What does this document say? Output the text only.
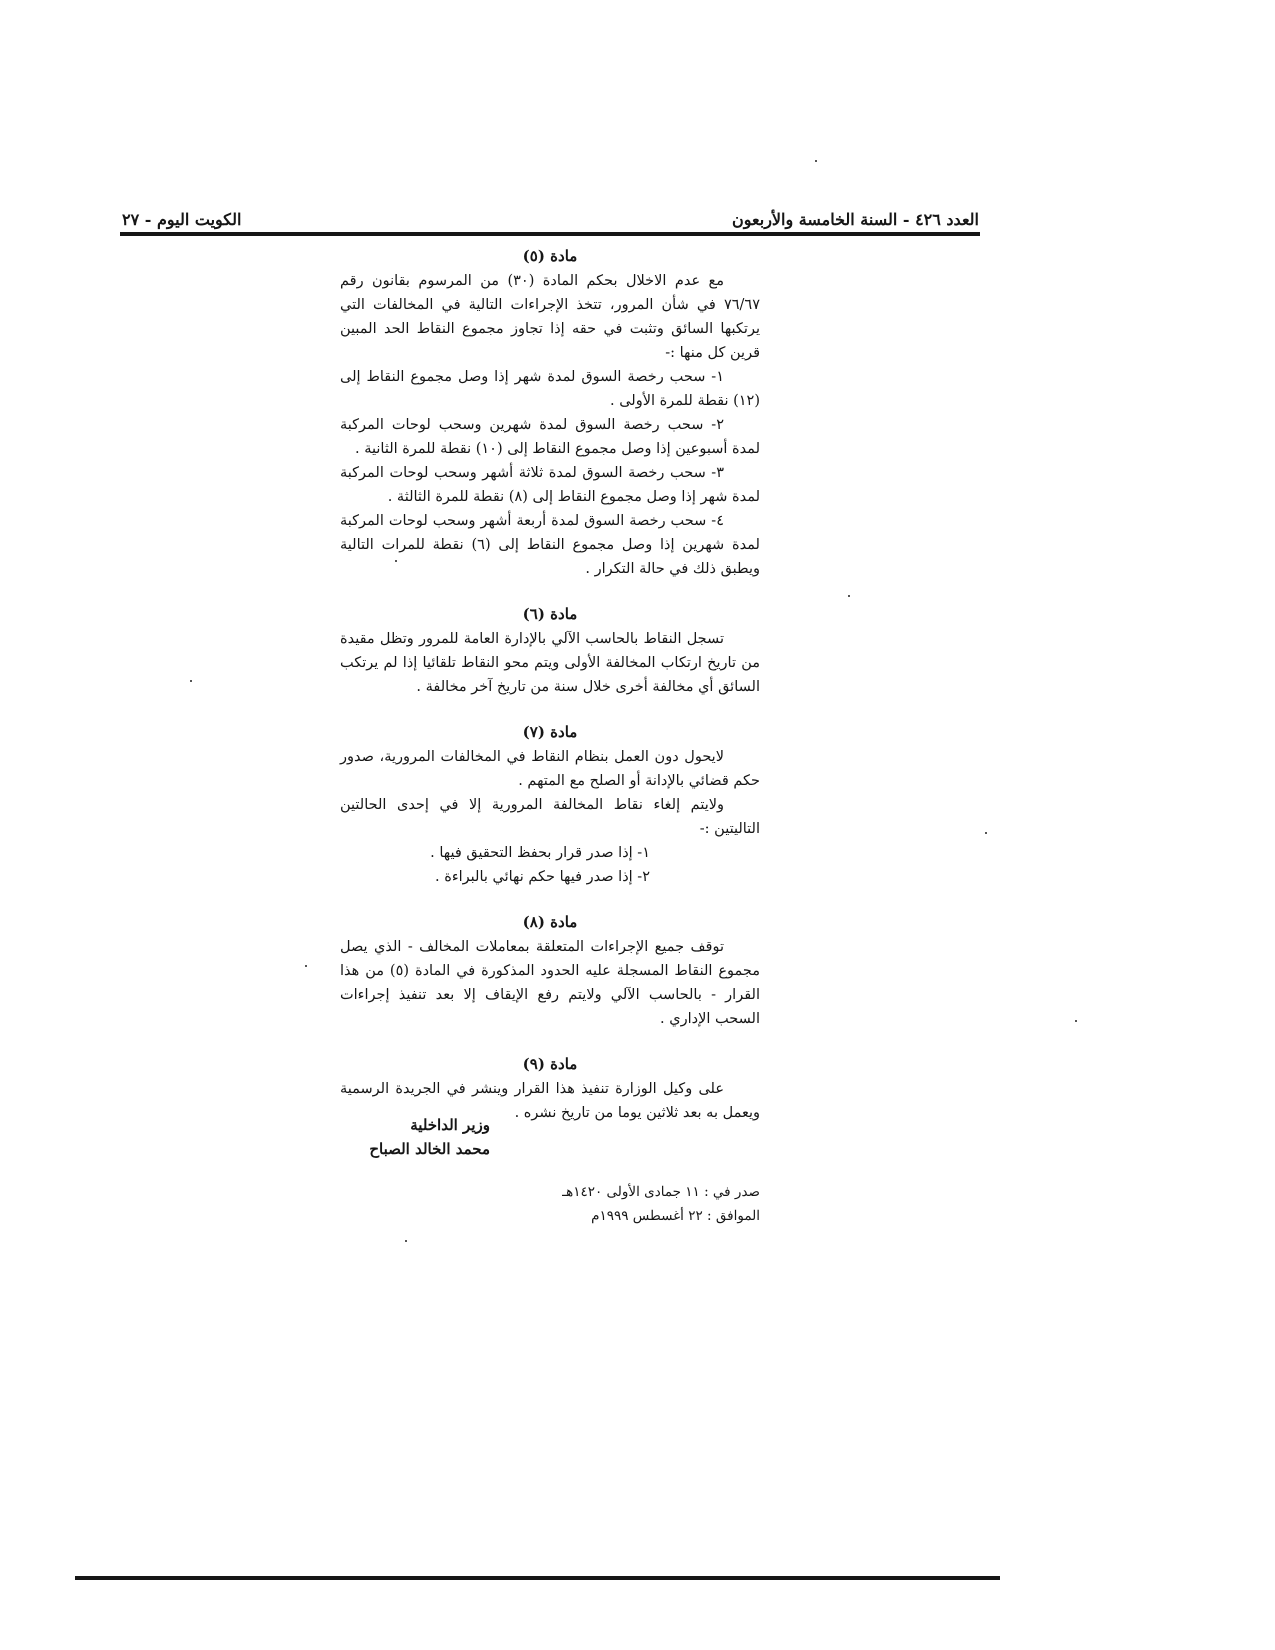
الكويت اليوم - ٢٧	العدد ٤٢٦ - السنة الخامسة والأربعون
مادة (٥)

مع عدم الاخلال بحكم المادة (٣٠) من المرسوم بقانون رقم ٧٦/٦٧ في شأن المرور، تتخذ الإجراءات التالية في المخالفات التي يرتكبها السائق وتثبت في حقه إذا تجاوز مجموع النقاط الحد المبين قرين كل منها :-

١- سحب رخصة السوق لمدة شهر إذا وصل مجموع النقاط إلى (١٢) نقطة للمرة الأولى .

٢- سحب رخصة السوق لمدة شهرين وسحب لوحات المركبة لمدة أسبوعين إذا وصل مجموع النقاط إلى (١٠) نقطة للمرة الثانية .

٣- سحب رخصة السوق لمدة ثلاثة أشهر وسحب لوحات المركبة لمدة شهر إذا وصل مجموع النقاط إلى (٨) نقطة للمرة الثالثة .

٤- سحب رخصة السوق لمدة أربعة أشهر وسحب لوحات المركبة لمدة شهرين إذا وصل مجموع النقاط إلى (٦) نقطة للمرات التالية ويطبق ذلك في حالة التكرار .

مادة (٦)

تسجل النقاط بالحاسب الآلي بالإدارة العامة للمرور وتظل مقيدة من تاريخ ارتكاب المخالفة الأولى ويتم محو النقاط تلقائيا إذا لم يرتكب السائق أي مخالفة أخرى خلال سنة من تاريخ آخر مخالفة .

مادة (٧)

لايحول دون العمل بنظام النقاط في المخالفات المرورية، صدور حكم قضائي بالإدانة أو الصلح مع المتهم .

ولايتم إلغاء نقاط المخالفة المرورية إلا في إحدى الحالتين التاليتين :-

١- إذا صدر قرار بحفظ التحقيق فيها .

٢- إذا صدر فيها حكم نهائي بالبراءة .

مادة (٨)

توقف جميع الإجراءات المتعلقة بمعاملات المخالف - الذي يصل مجموع النقاط المسجلة عليه الحدود المذكورة في المادة (٥) من هذا القرار - بالحاسب الآلي ولايتم رفع الإيقاف إلا بعد تنفيذ إجراءات السحب الإداري .

مادة (٩)

على وكيل الوزارة تنفيذ هذا القرار وينشر في الجريدة الرسمية ويعمل به بعد ثلاثين يوما من تاريخ نشره .

وزير الداخلية
محمد الخالد الصباح
صدر في : ١١ جمادى الأولى ١٤٢٠هـ
الموافق : ٢٢ أغسطس ١٩٩٩م
